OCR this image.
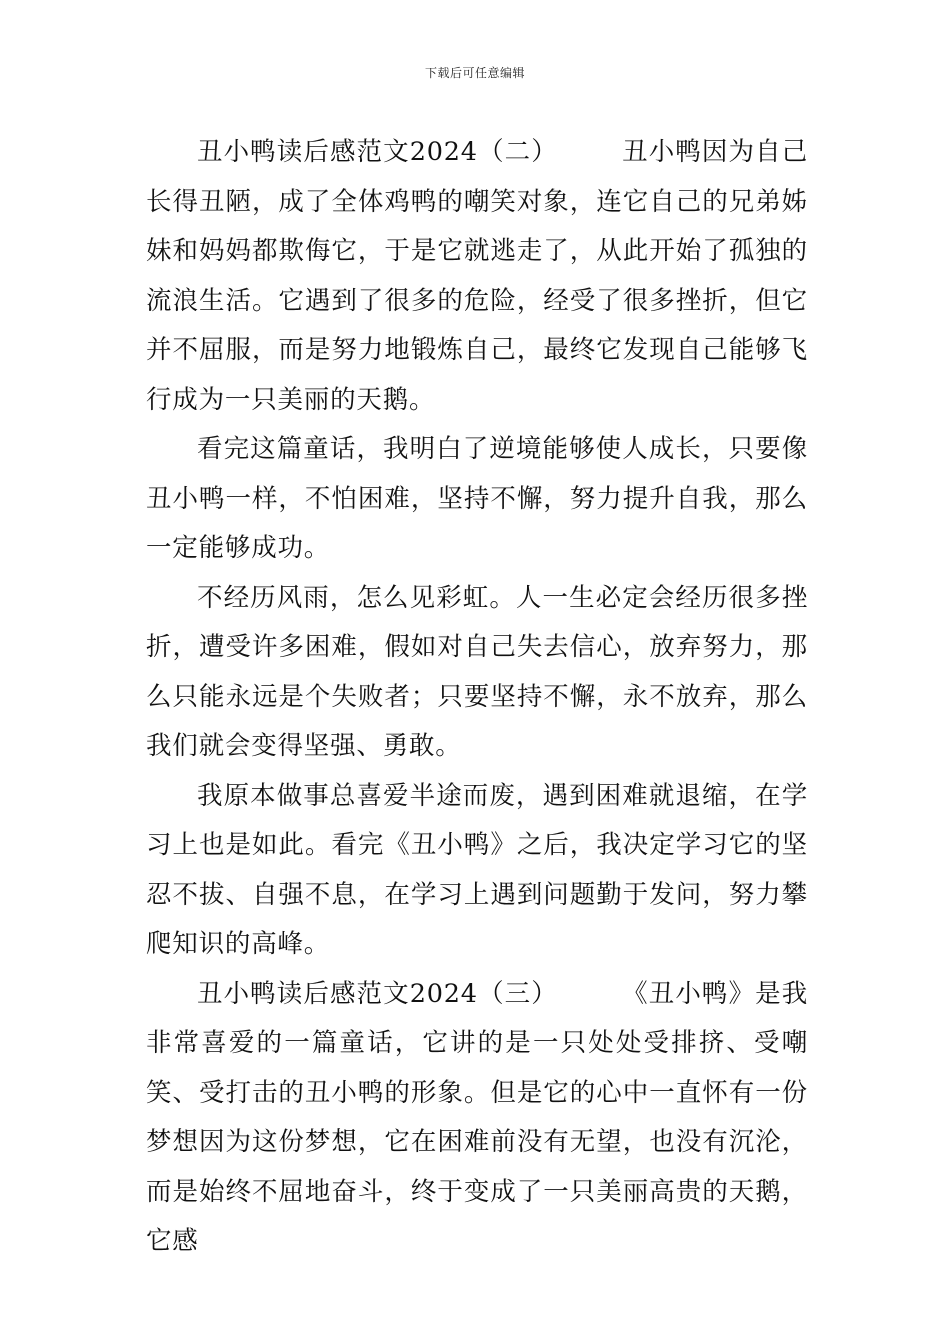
下载后可任意编辑

丑小鸭读后感范文2024（二）	丑小鸭因为自己长得丑陋，成了全体鸡鸭的嘲笑对象，连它自己的兄弟姊妹和妈妈都欺侮它，于是它就逃走了，从此开始了孤独的流浪生活。它遇到了很多的危险，经受了很多挫折，但它并不屈服，而是努力地锻炼自己，最终它发现自己能够飞行成为一只美丽的天鹅。

看完这篇童话，我明白了逆境能够使人成长，只要像丑小鸭一样，不怕困难，坚持不懈，努力提升自我，那么一定能够成功。

不经历风雨，怎么见彩虹。人一生必定会经历很多挫折，遭受许多困难，假如对自己失去信心，放弃努力，那么只能永远是个失败者；只要坚持不懈，永不放弃，那么我们就会变得坚强、勇敢。

我原本做事总喜爱半途而废，遇到困难就退缩，在学习上也是如此。看完《丑小鸭》之后，我决定学习它的坚忍不拔、自强不息，在学习上遇到问题勤于发问，努力攀爬知识的高峰。

丑小鸭读后感范文2024（三）	《丑小鸭》是我非常喜爱的一篇童话，它讲的是一只处处受排挤、受嘲笑、受打击的丑小鸭的形象。但是它的心中一直怀有一份梦想因为这份梦想，它在困难前没有无望，也没有沉沦，而是始终不屈地奋斗，终于变成了一只美丽高贵的天鹅，它感
